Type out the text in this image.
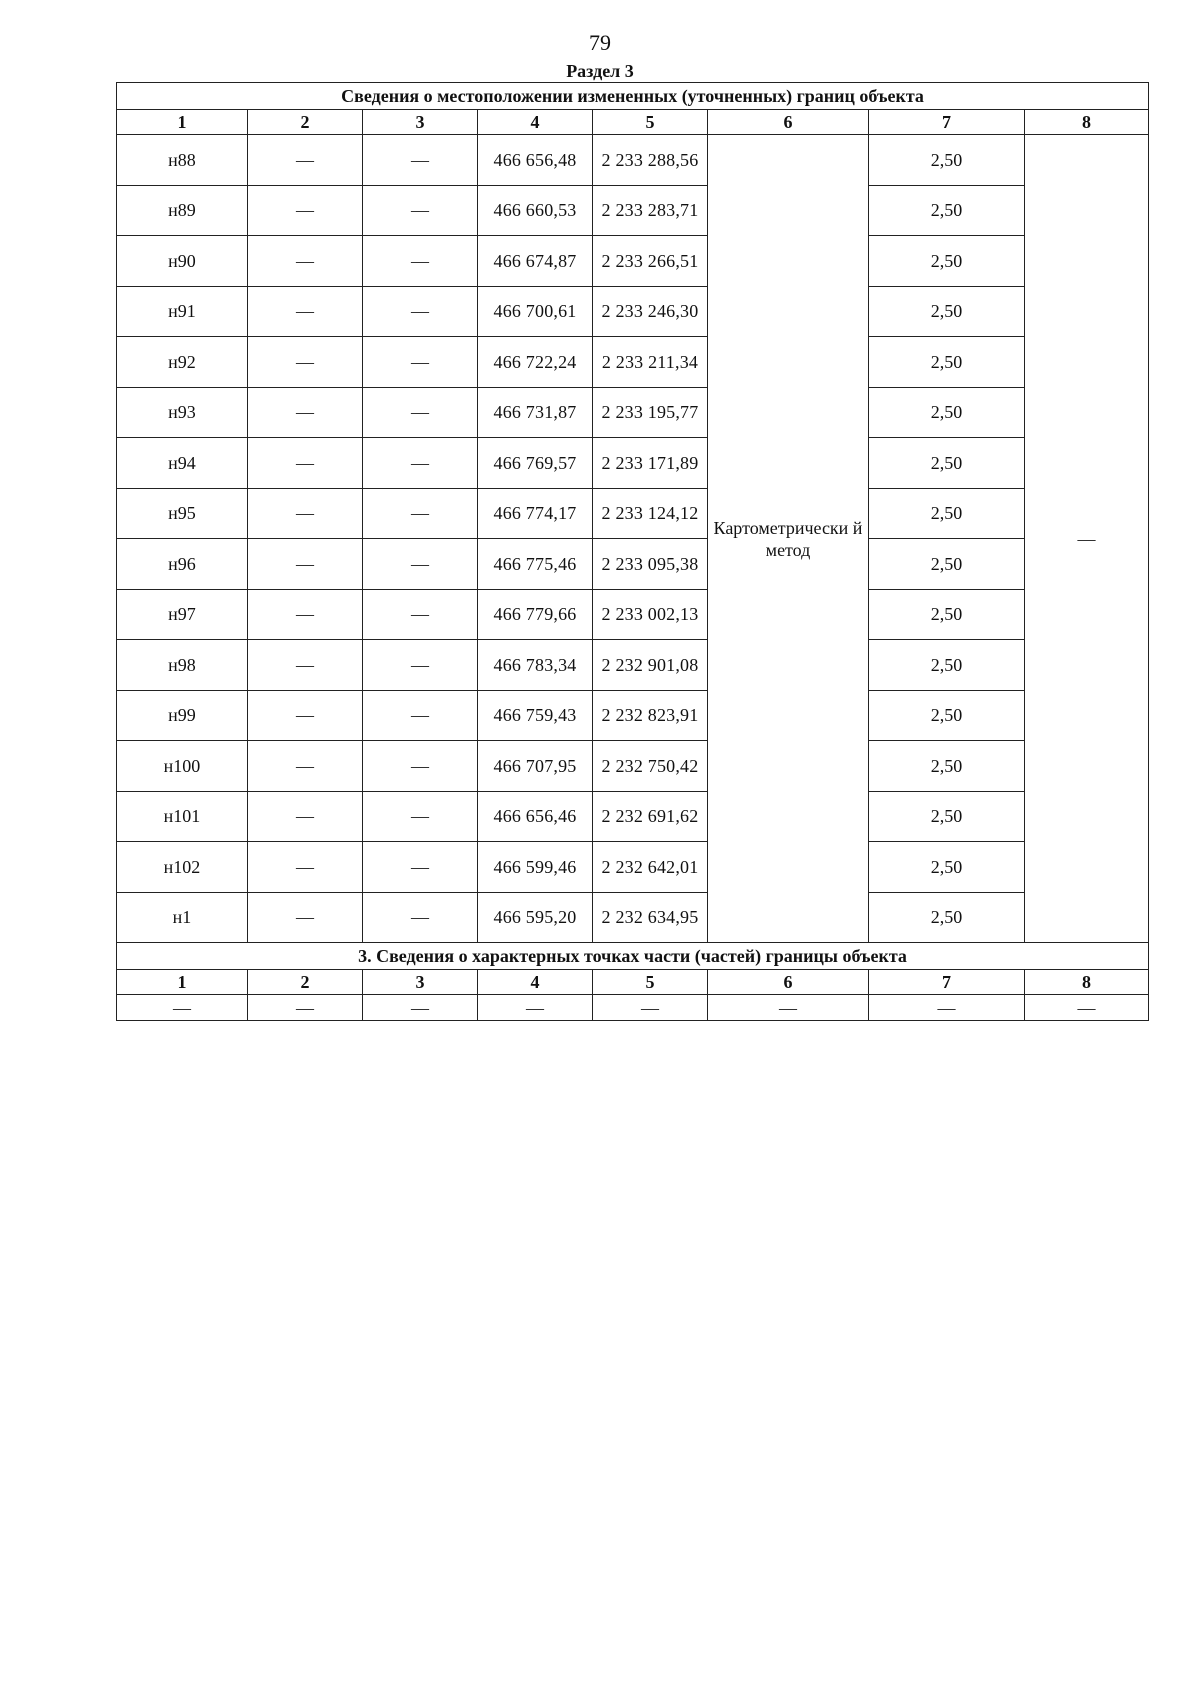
79
Раздел 3
Сведения о местоположении измененных (уточненных) границ объекта							
1	2	3	4	5	6	7	8
н88	—	—	466 656,48	2 233 288,56	Картометрически й метод	2,50	—
н89	—	—	466 660,53	2 233 283,71		2,50	
н90	—	—	466 674,87	2 233 266,51		2,50	
н91	—	—	466 700,61	2 233 246,30		2,50	
н92	—	—	466 722,24	2 233 211,34		2,50	
н93	—	—	466 731,87	2 233 195,77		2,50	
н94	—	—	466 769,57	2 233 171,89		2,50	
н95	—	—	466 774,17	2 233 124,12		2,50	
н96	—	—	466 775,46	2 233 095,38		2,50	
н97	—	—	466 779,66	2 233 002,13		2,50	
н98	—	—	466 783,34	2 232 901,08		2,50	
н99	—	—	466 759,43	2 232 823,91		2,50	
н100	—	—	466 707,95	2 232 750,42		2,50	
н101	—	—	466 656,46	2 232 691,62		2,50	
н102	—	—	466 599,46	2 232 642,01		2,50	
н1	—	—	466 595,20	2 232 634,95		2,50	
3. Сведения о характерных точках части (частей) границы объекта							
1	2	3	4	5	6	7	8
—	—	—	—	—	—	—	—
